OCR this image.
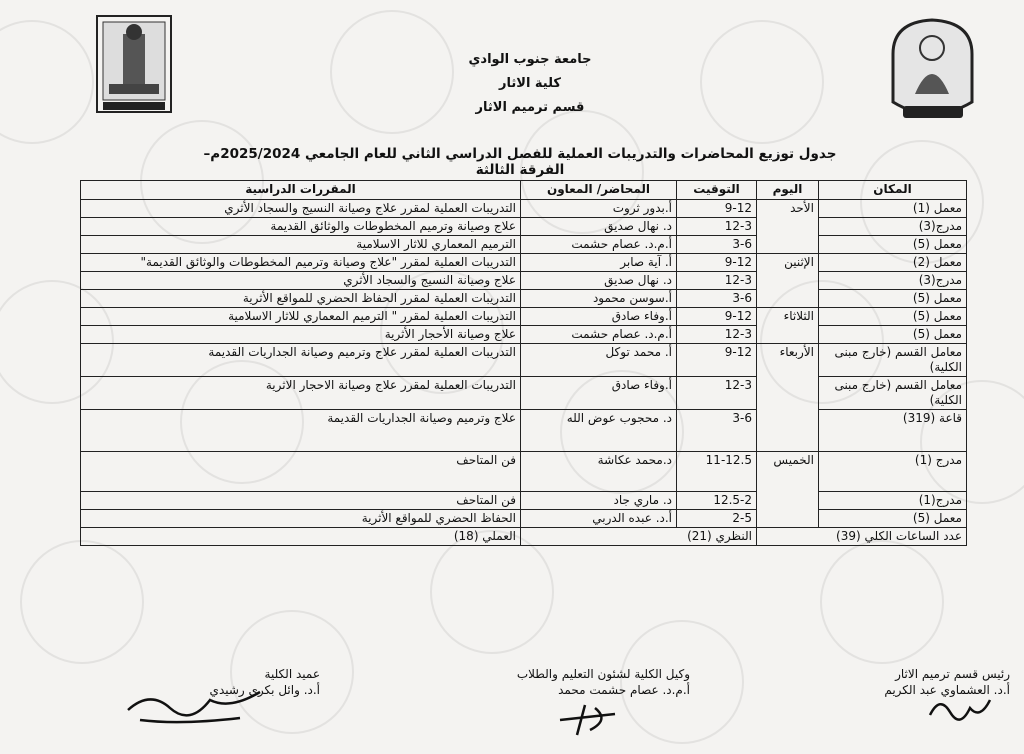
جامعة جنوب الوادي
كلية الاثار
قسم ترميم الاثار
جدول توزيع المحاضرات والتدريبات العملية للفصل الدراسي الثاني للعام الجامعي 2025/2024م– الفرقة الثالثة
المكان	اليوم	التوقيت	المحاضر/ المعاون	المقررات الدراسية
معمل (1)	الأحد	9-12	أ.بدور ثروت	التدريبات العملية لمقرر علاج وصيانة النسيج والسجاد الأثري
مدرج(3)		12-3	د. نهال صديق	علاج وصيانة وترميم المخطوطات والوثائق القديمة
معمل (5)		3-6	أ.م.د. عصام حشمت	الترميم المعماري للاثار الاسلامية
معمل (2)	الإثنين	9-12	أ. آية صابر	التدريبات العملية لمقرر "علاج وصيانة وترميم المخطوطات والوثائق القديمة"
مدرج(3)		12-3	د. نهال صديق	علاج وصيانة النسيج والسجاد الأثري
معمل (5)		3-6	أ.سوسن محمود	التدريبات العملية لمقرر الحفاظ الحضري للمواقع الأثرية
معمل (5)	الثلاثاء	9-12	أ.وفاء صادق	التدريبات العملية لمقرر " الترميم المعماري للاثار الاسلامية
معمل (5)		12-3	أ.م.د. عصام حشمت	علاج وصيانة الأحجار الأثرية
معامل القسم (خارج مبنى الكلية)	الأربعاء	9-12	أ. محمد توكل	التدريبات العملية لمقرر علاج وترميم وصيانة الجداريات القديمة
معامل القسم (خارج مبنى الكلية)		12-3	أ.وفاء صادق	التدريبات العملية لمقرر علاج وصيانة الاحجار الاثرية
قاعة (319)		3-6	د. محجوب عوض الله	علاج وترميم وصيانة الجداريات القديمة
مدرج (1)	الخميس	11-12.5	د.محمد عكاشة	فن المتاحف
مدرج(1)		12.5-2	د. ماري جاد	فن المتاحف
معمل (5)		2-5	أ.د. عبده الدربي	الحفاظ الحضري للمواقع الأثرية
عدد الساعات الكلي (39)		النظري (21)		العملي (18)
رئيس قسم ترميم الاثار
أ.د. العشماوي عبد الكريم
وكيل الكلية لشئون التعليم والطلاب
أ.م.د. عصام حشمت محمد
عميد الكلية
أ.د. وائل بكري رشيدي
